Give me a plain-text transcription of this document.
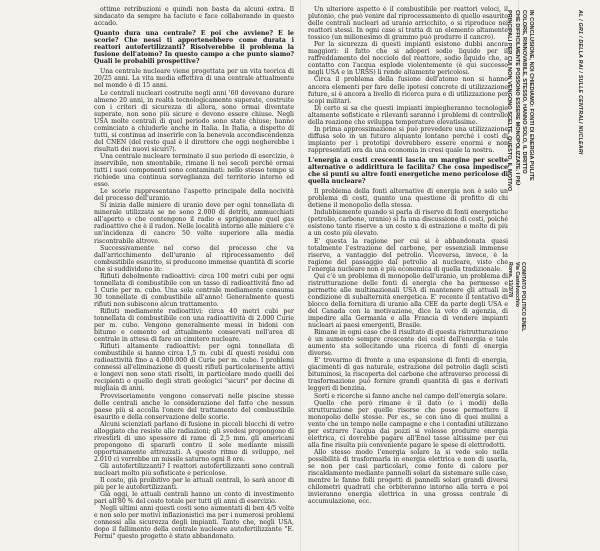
ottime retribuzioni e quindi non basta da alcuni extra. Il sindacato da sempre ha taciuto e face collaborando in questo accado.

Quanto dura una centrale? E poi che avviene? E le scorie? Che nessi ti apportenebbero come durata i reattori autofertilizzanti? Risolverebbe il problema la fusione dell'atomo? In questo campo a che punto siamo? Quali le probabili prospettive?

Una centrale nucleare viene progettata per un vita teorica di 20/25 anni. La vita media effettiva di una centrale attualmente nel mondo è di 15 anni.

Le centrali nucleari costruite negli anni '60 dovevano durare almeno 20 anni, in realtà tecnologicamente superate, costruite con i criteri di sicurezza di allora, sono ormai diventate superate, non sono più sicure e devono essere chiuse. Negli USA molte centrali di quel periodo sono state chiuse; hanno cominciato a chiuderle anche in Italia. In Italia, a dispetto di tutti, si continua ad inserirle con la benevola accondiscendenza del CNEN (del resto qual è il direttore che oggi negherebbe i risultati dei nuovi sicuri?).

Una centrale nucleare terminato il suo periodo di esercizio, è inservibile, non smontabile, rimane lì nei secoli perché ormai tutti i suoi componenti sono contaminati: nello stesso tempo si richiede una continua sorveglianza del territorio interno ed esso.

Le scorie rappresentano l'aspetto principale della nocività del processo dell'uranio.

Si inizia dalle miniere di uranio dove per ogni tonnellata di minerale utilizzata se ne sono 2.000 di detriti, ammucchiati all'aperto e che contengono il radio e sprigionano quel gas radioattivo che è il radon. Nelle località intorno alle miniere c'è un'incidenza di cancro 50 volte superiore alla media riscontrabile altrove.

Successivamente nel corso del processo che va dall'arricchimento dell'uranio al riprocessamento del combustibile esaurito, si producono immense quantità di scorie che si suddividono in:

Rifiuti debolmente radioattivi: circa 100 metri cubi per ogni tonnellata di combustibile con un tasso di radioattività fino ad 1 Curie per m. cubo. Una sola centrale mediamente consuma 30 tonnellate di combustibile all'anno! Generalmente questi rifiuti non subiscono alcun trattamento.

Rifiuti mediamente radioattivi: circa 40 metri cubi per tonnellata di combustibile con una radioattività di 2.000 Curie per m. cubo. Vengono generalmente messi in bidoni con bitume e cemento ed attualmente conservati nell'area di centrale in attesa di fare un cimitero nucleare.

Rifiuti altamente radioattivi: per ogni tonnellata di combustibile si hanno circa 1,5 m. cubi di questi residui con radioattività fino a 4.000.000 di Curie per m. cubo. I problemi connessi all'eliminazione di questi rifiuti particolarmente attivi e longevi non sono stati risolti, in particolare modo quelli dei recipienti o quello degli strati geologici "sicuri" per decine di migliaia di anni.

Provvisoriamente vengono conservati nelle piscine stesse delle centrali anche le considerazione del fatto che nessun paese più si accolla l'onere del trattamento del combustibile esaurito e della conservazione delle scorie.

Alcuni scienziati parlano di fusione in piccoli blocchi di vetro alloggiato che resiste alle radiazioni; gli svedesi propongono di rivestirli di uno spessore di rame di 2,5 mm. gli americani propongono di spararli contro il sole mediante missili opportunamente attrezzati. A questo ritmo di sviluppo, nel 2.010 ci vorrebbe un missile saturno ogni 8 ore.

Gli autofertilizzanti? I reattori autofertilizzanti sono centrali nucleari molto più sofisticate e pericolose.

Il costo, già proibitivo per le attuali centrali, lo sarà ancor di più per le autofertilizzanti.

Già oggi, le attuali centrali hanno un conto di investimento pari all'80 % del costo totale per tutti gli anni di esercizio.

Negli ultimi anni questi costi sono aumentati di ben 4/5 volte e non solo per motivi inflazionistici ma per i numerosi problemi connessi alla sicurezza degli impianti. Tanto che, negli USA, dopo il fallimento della centrale nucleare autofertilizzante "E. Fermi" questo progetto è stato abbandonato.

Un ulteriore aspetto è il combustibile per reattori veloci, il plutonio, che può venire dal riprocessamento di quello esaurito delle centrali nucleari ad uranio arricchito, o si riproduce nei reattori stessi. In ogni caso si tratta di un elemento altamente tossico (un milionesimo di grammo può produrre il cancro).

Per la sicurezza di questi impianti esistono dubbi ancora maggiori: il fatto che si adoperi sodio liquido per il raffreddamento del nocciolo del reattore, sodio liquido che, a contatto con l'acqua esplode violentemente (è qui successo negli USA e in URSS) li rende altamente pericolosi.

Circa il problema della fusione dell'atomo non si hanno ancora elementi per fare delle ipotesi concrete di utilizzazione future, si è ancora a livello di ricerca pura e di utilizzazione per scopi militari.

Di certo si sa che questi impianti impiegheranno tecnologie altamente sofisticate e rilevanti saranno i problemi di controllo della reazione che sviluppa temperature elevatissime.

In prima approssimazione si può prevedere una utilizzazione diffusa solo in un futuro alquanto lontano perché i costi di impianto per i prototipi dovrebbero essere enormi e non rappresentati ora da una economia in cresi quale la nostra.

L'energia a costi crescenti lascia un margine per scelte alternative o addirittura le facilita? Che cosa impedisce che si punti su altre fonti energetiche meno pericolose di quella nucleare?

Il problema della fonti alternative di energia non è solo un problema di costi, quanto una questione di profitto di chi detiene il monopolio della stessa.

Indubbiamente quando si parla di riserve di fonti energetiche (petrolio, carbone, uranio) si fa una discussione di costi, poiché esistono tante riserve a un costo x di estrazione e molte di più a un costo più elevato.

E' questa la ragione per cui si è abbandonata quasi totalmente l'estrazione del carbone, per essenziali immense riserve, a vantaggio del petrolio. Viceversa, invece, è la ragione del passaggio dal petrolio al nucleare, visto che l'energia nucleare non è più economica di quella tradizionale.

Qui c'è un problema di monopolio dell'uranio, un problema di ristrutturazione delle fonti di energia che ha permesso e permette alle multinazionali USA di mantenere gli attuali in condizione di subalternità energetica. E' recente il tentativo di blocco della fornitura di uranio alla CEE da parte degli USA e del Canada con la motivazione, dice la voto di agenzia, di impedire alla Germania e alla Francia di vendere impianti nucleari ai paesi emergenti, Brasile.

Rimane in ogni caso che il risultato di questa ristrutturazione è un aumento sempre crescente dei costi dell'energia e tale aumento sta sollecitando una ricerca di fonti di energia diverse.

E' trovarmo di fronte a una espansione di fonti di energia, giacimenti di gas naturale, estrazione del petrolio dagli scisti bituminosi, la riscoperta del carbone che attraverso processi di trasformazione può fornire grandi quantità di gas e derivati leggeri di benzina.

Sorti e ricerche si fanno anche nel campo dell'energia solare.

Quello che però rimane è il dato (o i modi) della strutturazione per quelle risorse che posse permettere il monopolio delle stesse. Per es., se con uno di quei mulini a vento che un tempo nelle campagne e che i contadini utilizzano per estrarre l'acqua dai pozzi si volesse produrre energia elettrica, ci dovrebbe pagare all'Enel tasse altissime per cui alla fine risulta più conveniente pagare le spese di elettrodotti.

Allo stesso modo l'energia solare la si vede solo nella possibilità di trasformarla in energia elettrica e non di usarla, se non per casi particolari, come fonte di calore per riscaldamento mediante pannelli solari da sistemare sulle case, mentre le fanno folli progetti di pannelli solari grandi diversi chilometri quadrati che orbiteranno intorno alla terra e poi invieranno energia elettrica in una grossa centrale di accumulazione, ecc.

IN CONCLUSIONE, NOI CHIEDIAMO: FONTI DI ENERGIA PULITE
COLORE, RINNOVABILE, STESSO, HANNO SOLO, IL DIRITTO
CHE DIFFICILMENTE POSSONO ESSERE MONOPOLIZZATE. I PIÙ
PRINCIPALI PER CUI NON VENGONO SCELTE. QUESTO, IL MOTIVO
COMITATO POLITICO ENEL
Via Castelvecchio
Roma, 11/3/78
AL / GR1 / DELLA RAI / SULLE CENTRALI NUCLEARI
